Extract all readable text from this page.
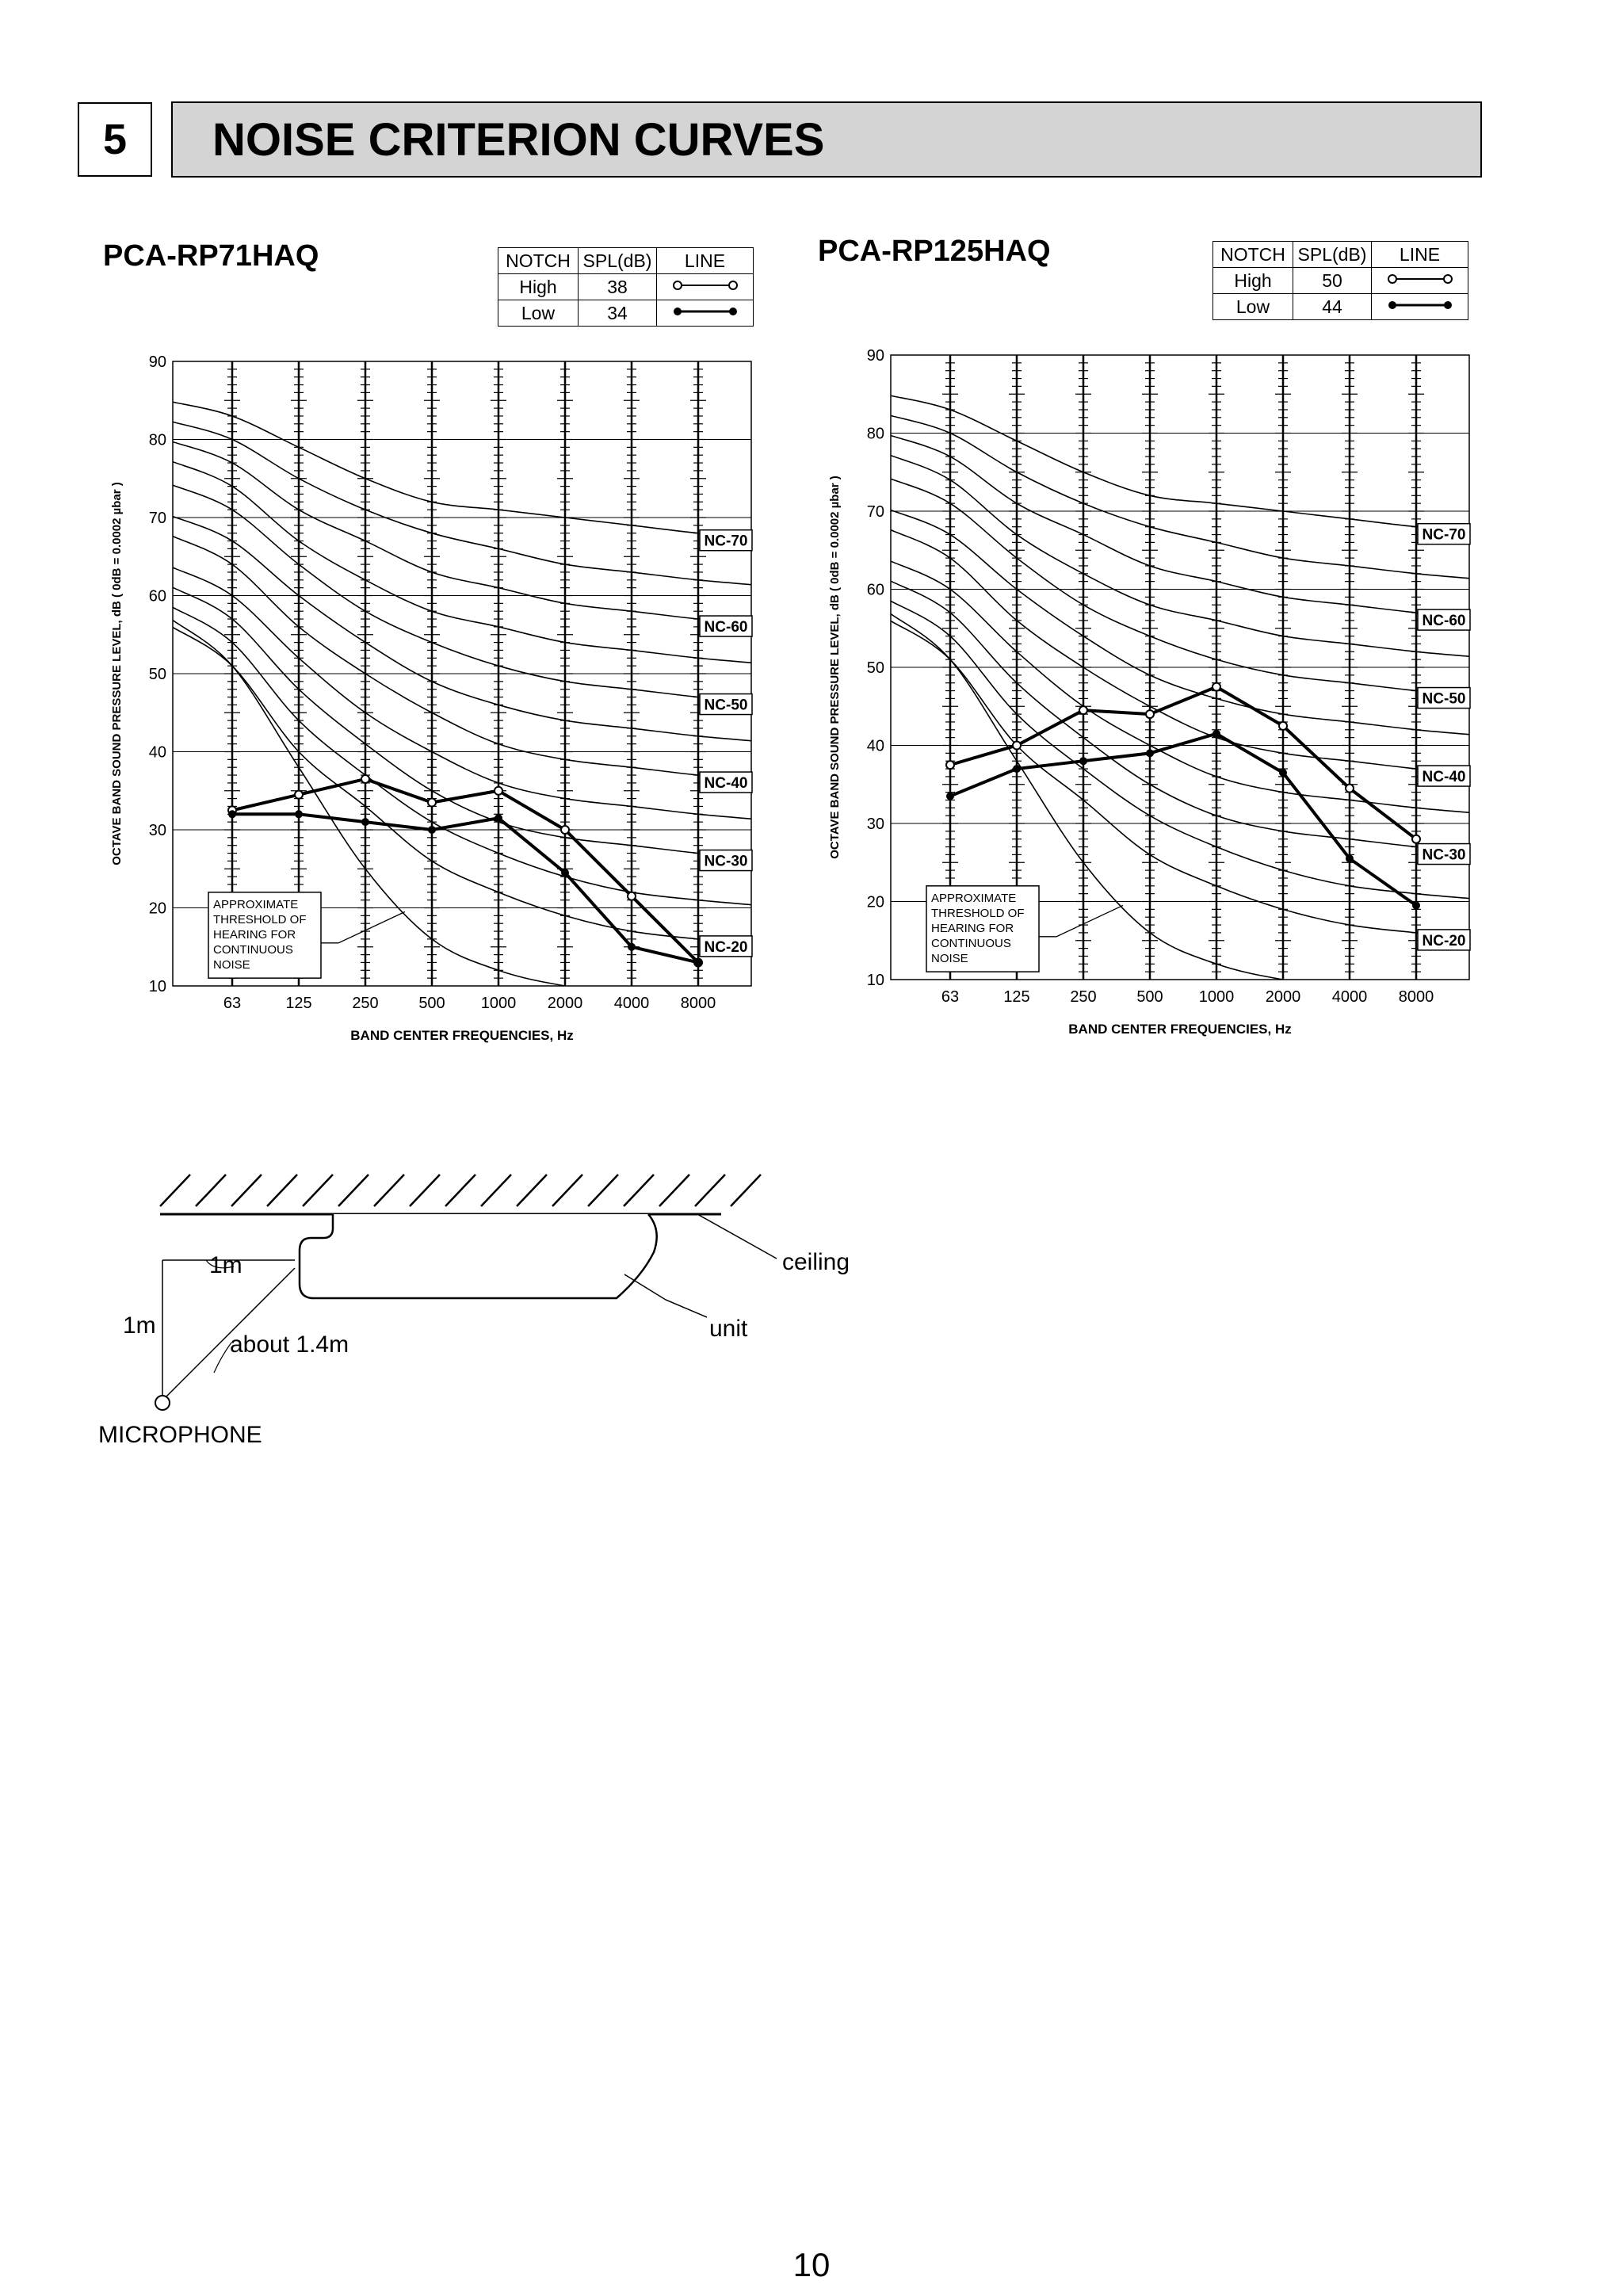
5	NOISE CRITERION CURVES
PCA-RP71HAQ	NOTCH	SPL(dB)	LINE
High	38	
Low	34	
10
20
30
40
50
60
70
80
90
63	125	250	500 1000 2000 4000 8000
NC-70
NC-60
NC-50
NC-40
NC-30
NC-20
APPROXIMATE
THRESHOLD OF
HEARING FOR
CONTINUOUS
NOISE
BAND CENTER FREQUENCIES, Hz
OCTAVE BAND SOUND PRESSURE LEVEL, dB ( 0dB = 0.0002 µbar )
PCA-RP125HAQ	NOTCH	SPL(dB)	LINE
High	50	
Low	44	
10
20
30
40
50
60
70
80
90
63	125	250	500 1000 2000 4000 8000
NC-70
NC-60
NC-50
NC-40
NC-30
NC-20
APPROXIMATE
THRESHOLD OF
HEARING FOR
CONTINUOUS
NOISE
BAND CENTER FREQUENCIES, Hz
OCTAVE BAND SOUND PRESSURE LEVEL, dB ( 0dB = 0.0002 µbar )
ceiling
unit
1m
1m
about 1.4m
MICROPHONE
10
